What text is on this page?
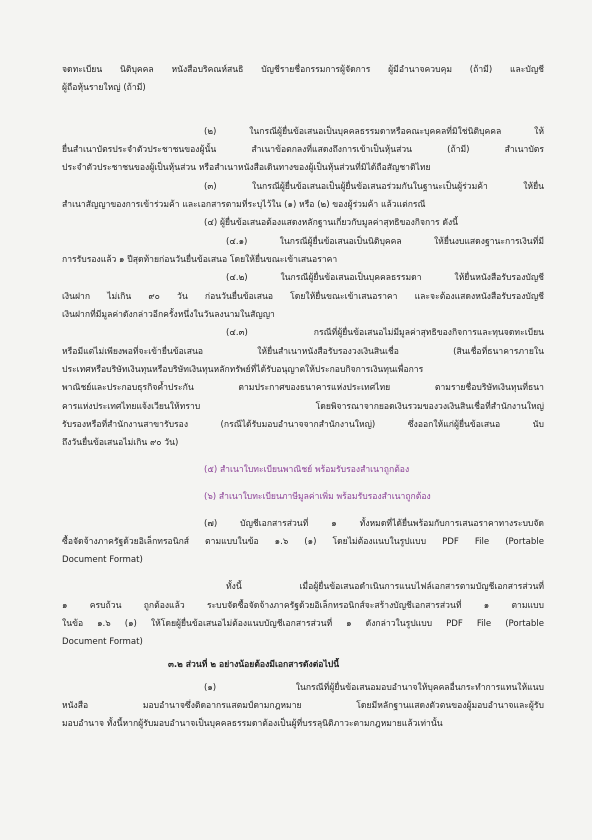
จดทะเบียน นิติบุคคล หนังสือบริคณห์สนธิ บัญชีรายชื่อกรรมการผู้จัดการ ผู้มีอำนาจควบคุม (ถ้ามี) และบัญชี
ผู้ถือหุ้นรายใหญ่ (ถ้ามี)
(๒) ในกรณีผู้ยื่นข้อเสนอเป็นบุคคลธรรมดาหรือคณะบุคคลที่มิใช่นิติบุคคล ให้
ยื่นสำเนาบัตรประจำตัวประชาชนของผู้นั้น สำเนาข้อตกลงที่แสดงถึงการเข้าเป็นหุ้นส่วน (ถ้ามี) สำเนาบัตร
ประจำตัวประชาชนของผู้เป็นหุ้นส่วน หรือสำเนาหนังสือเดินทางของผู้เป็นหุ้นส่วนที่มิได้ถือสัญชาติไทย
(๓) ในกรณีผู้ยื่นข้อเสนอเป็นผู้ยื่นข้อเสนอร่วมกันในฐานะเป็นผู้ร่วมค้า ให้ยื่น
สำเนาสัญญาของการเข้าร่วมค้า และเอกสารตามที่ระบุไว้ใน (๑) หรือ (๒) ของผู้ร่วมค้า แล้วแต่กรณี
(๔) ผู้ยื่นข้อเสนอต้องแสดงหลักฐานเกี่ยวกับมูลค่าสุทธิของกิจการ ดังนี้
(๔.๑) ในกรณีผู้ยื่นข้อเสนอเป็นนิติบุคคล ให้ยื่นงบแสดงฐานะการเงินที่มี
การรับรองแล้ว ๑ ปีสุดท้ายก่อนวันยื่นข้อเสนอ โดยให้ยื่นขณะเข้าเสนอราคา
(๔.๒) ในกรณีผู้ยื่นข้อเสนอเป็นบุคคลธรรมดา ให้ยื่นหนังสือรับรองบัญชี
เงินฝาก ไม่เกิน ๙๐ วัน ก่อนวันยื่นข้อเสนอ โดยให้ยื่นขณะเข้าเสนอราคา และจะต้องแสดงหนังสือรับรองบัญชี
เงินฝากที่มีมูลค่าดังกล่าวอีกครั้งหนึ่งในวันลงนามในสัญญา
(๔.๓) กรณีที่ผู้ยื่นข้อเสนอไม่มีมูลค่าสุทธิของกิจการและทุนจดทะเบียน
หรือมีแต่ไม่เพียงพอที่จะเข้ายื่นข้อเสนอ ให้ยื่นสำเนาหนังสือรับรองวงเงินสินเชื่อ (สินเชื่อที่ธนาคารภายใน
ประเทศหรือบริษัทเงินทุนหรือบริษัทเงินทุนหลักทรัพย์ที่ได้รับอนุญาตให้ประกอบกิจการเงินทุนเพื่อการ
พาณิชย์และประกอบธุรกิจค้ำประกัน ตามประกาศของธนาคารแห่งประเทศไทย ตามรายชื่อบริษัทเงินทุนที่ธนา
คารแห่งประเทศไทยแจ้งเวียนให้ทราบ โดยพิจารณาจากยอดเงินรวมของวงเงินสินเชื่อที่สำนักงานใหญ่
รับรองหรือที่สำนักงานสาขารับรอง (กรณีได้รับมอบอำนาจจากสำนักงานใหญ่) ซึ่งออกให้แก่ผู้ยื่นข้อเสนอ นับ
ถึงวันยื่นข้อเสนอไม่เกิน ๙๐ วัน)
(๕) สำเนาใบทะเบียนพาณิชย์ พร้อมรับรองสำเนาถูกต้อง
(๖) สำเนาใบทะเบียนภาษีมูลค่าเพิ่ม พร้อมรับรองสำเนาถูกต้อง
(๗) บัญชีเอกสารส่วนที่ ๑ ทั้งหมดที่ได้ยื่นพร้อมกับการเสนอราคาทางระบบจัด
ซื้อจัดจ้างภาครัฐด้วยอิเล็กทรอนิกส์ ตามแบบในข้อ ๑.๖ (๑) โดยไม่ต้องแนบในรูปแบบ PDF File (Portable
Document Format)
ทั้งนี้ เมื่อผู้ยื่นข้อเสนอดำเนินการแนบไฟล์เอกสารตามบัญชีเอกสารส่วนที่
๑ ครบถ้วน ถูกต้องแล้ว ระบบจัดซื้อจัดจ้างภาครัฐด้วยอิเล็กทรอนิกส์จะสร้างบัญชีเอกสารส่วนที่ ๑ ตามแบบ
ในข้อ ๑.๖ (๑) ให้โดยผู้ยื่นข้อเสนอไม่ต้องแนบบัญชีเอกสารส่วนที่ ๑ ดังกล่าวในรูปแบบ PDF File (Portable
Document Format)
๓.๒ ส่วนที่ ๒ อย่างน้อยต้องมีเอกสารดังต่อไปนี้
(๑) ในกรณีที่ผู้ยื่นข้อเสนอมอบอำนาจให้บุคคลอื่นกระทำการแทนให้แนบ
หนังสือ มอบอำนาจซึ่งติดอากรแสตมป์ตามกฎหมาย โดยมีหลักฐานแสดงตัวตนของผู้มอบอำนาจและผู้รับ
มอบอำนาจ ทั้งนี้หากผู้รับมอบอำนาจเป็นบุคคลธรรมดาต้องเป็นผู้ที่บรรลุนิติภาวะตามกฎหมายแล้วเท่านั้น
